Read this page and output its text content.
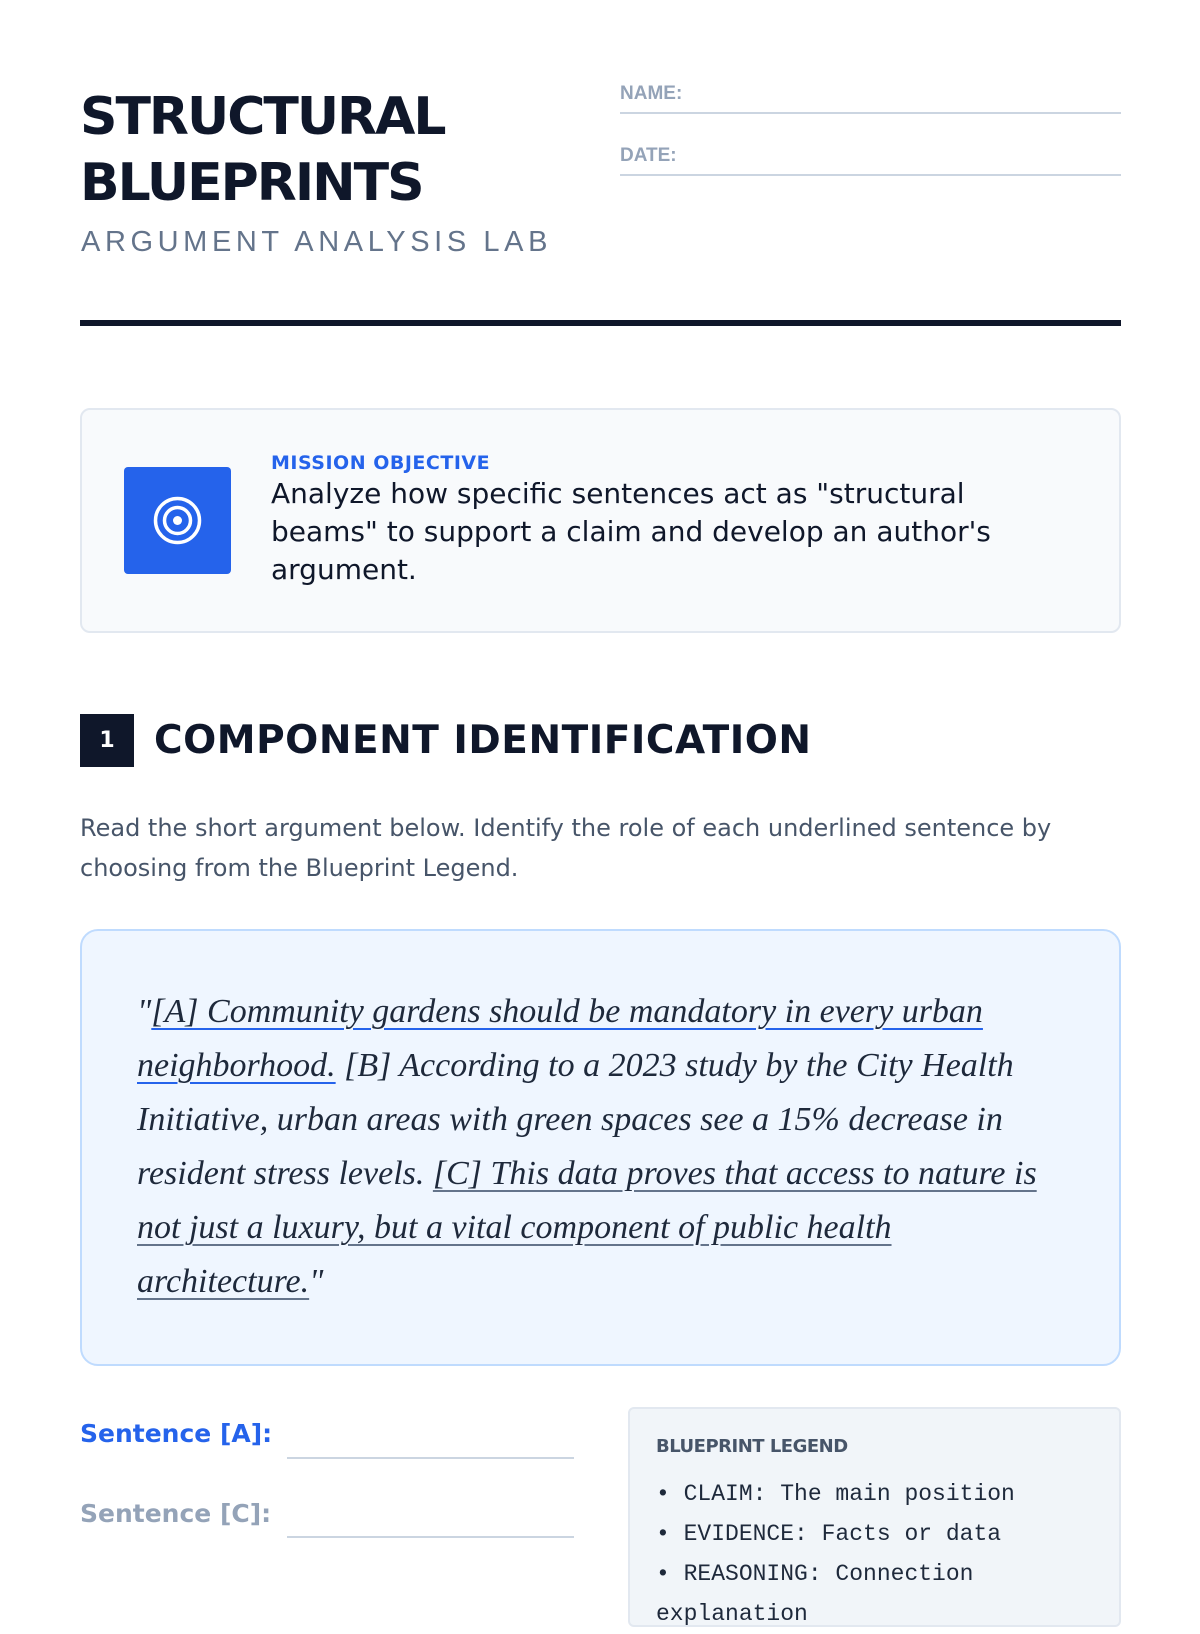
STRUCTURAL
BLUEPRINTS
ARGUMENT ANALYSIS LAB
NAME:
DATE:
MISSION OBJECTIVE
Analyze how specific sentences act as "structural beams" to support a claim and develop an author's argument.
1	COMPONENT IDENTIFICATION
Read the short argument below. Identify the role of each underlined sentence by choosing from the Blueprint Legend.
"[A] Community gardens should be mandatory in every urban neighborhood. [B] According to a 2023 study by the City Health Initiative, urban areas with green spaces see a 15% decrease in resident stress levels. [C] This data proves that access to nature is not just a luxury, but a vital component of public health architecture."
Sentence [A]:
Sentence [C]:
BLUEPRINT LEGEND
• CLAIM: The main position
• EVIDENCE: Facts or data
• REASONING: Connection explanation
